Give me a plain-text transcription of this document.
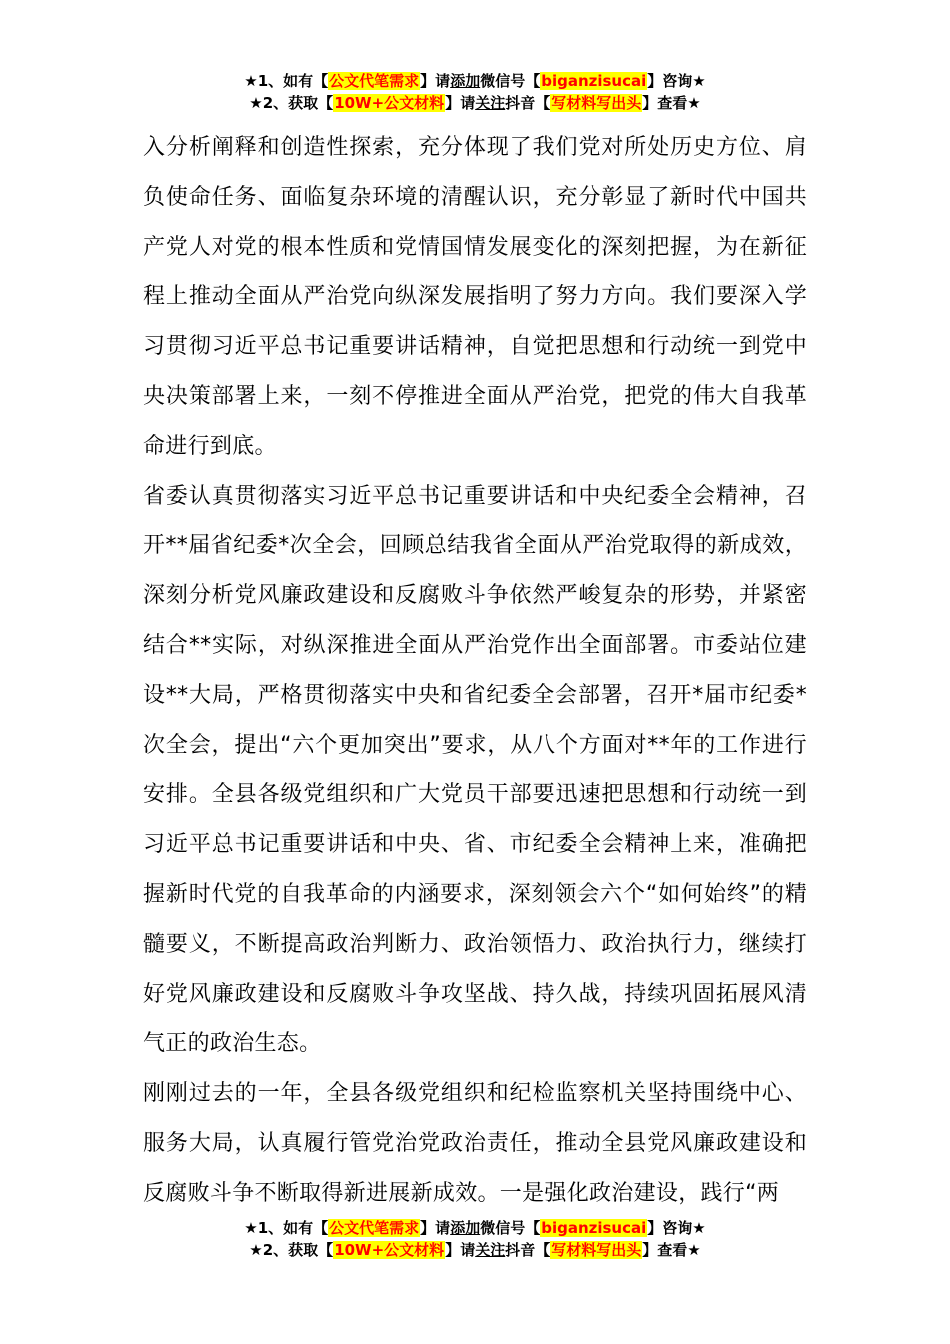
★1、如有【公文代笔需求】请添加微信号【biganzisucai】咨询★
★2、获取【10W+公文材料】请关注抖音【写材料写出头】查看★

入分析阐释和创造性探索，充分体现了我们党对所处历史方位、肩负使命任务、面临复杂环境的清醒认识，充分彰显了新时代中国共产党人对党的根本性质和党情国情发展变化的深刻把握，为在新征程上推动全面从严治党向纵深发展指明了努力方向。我们要深入学习贯彻习近平总书记重要讲话精神，自觉把思想和行动统一到党中央决策部署上来，一刻不停推进全面从严治党，把党的伟大自我革命进行到底。

省委认真贯彻落实习近平总书记重要讲话和中央纪委全会精神，召开**届省纪委*次全会，回顾总结我省全面从严治党取得的新成效，深刻分析党风廉政建设和反腐败斗争依然严峻复杂的形势，并紧密结合**实际，对纵深推进全面从严治党作出全面部署。市委站位建设**大局，严格贯彻落实中央和省纪委全会部署，召开*届市纪委*次全会，提出“六个更加突出”要求，从八个方面对**年的工作进行安排。全县各级党组织和广大党员干部要迅速把思想和行动统一到习近平总书记重要讲话和中央、省、市纪委全会精神上来，准确把握新时代党的自我革命的内涵要求，深刻领会六个“如何始终”的精髓要义，不断提高政治判断力、政治领悟力、政治执行力，继续打好党风廉政建设和反腐败斗争攻坚战、持久战，持续巩固拓展风清气正的政治生态。

刚刚过去的一年，全县各级党组织和纪检监察机关坚持围绕中心、服务大局，认真履行管党治党政治责任，推动全县党风廉政建设和反腐败斗争不断取得新进展新成效。一是强化政治建设，践行“两

★1、如有【公文代笔需求】请添加微信号【biganzisucai】咨询★
★2、获取【10W+公文材料】请关注抖音【写材料写出头】查看★
